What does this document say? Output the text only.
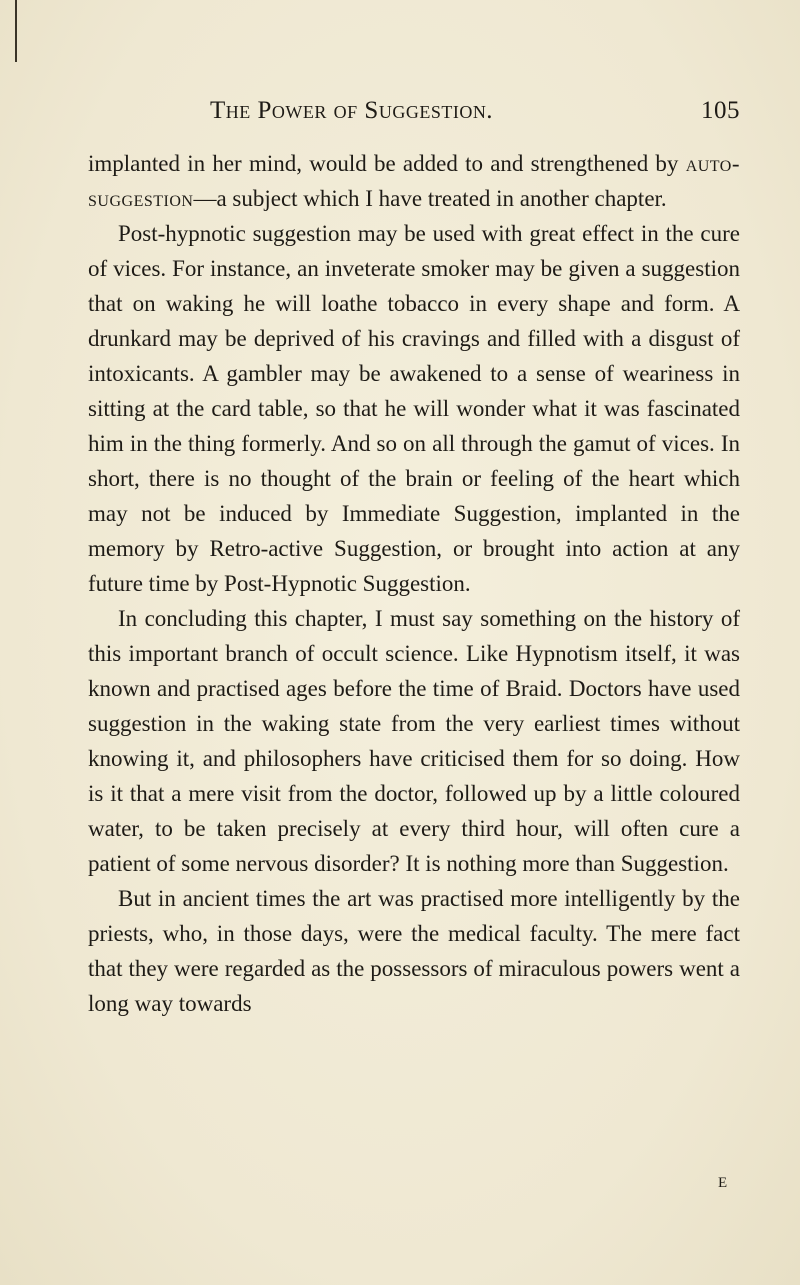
The Power of Suggestion.	105

implanted in her mind, would be added to and strengthened by auto-suggestion—a subject which I have treated in another chapter.

Post-hypnotic suggestion may be used with great effect in the cure of vices. For instance, an inveterate smoker may be given a suggestion that on waking he will loathe tobacco in every shape and form. A drunkard may be deprived of his cravings and filled with a disgust of intoxicants. A gambler may be awakened to a sense of weariness in sitting at the card table, so that he will wonder what it was fascinated him in the thing formerly. And so on all through the gamut of vices. In short, there is no thought of the brain or feeling of the heart which may not be induced by Immediate Suggestion, implanted in the memory by Retro-active Suggestion, or brought into action at any future time by Post-Hypnotic Suggestion.

In concluding this chapter, I must say something on the history of this important branch of occult science. Like Hypnotism itself, it was known and practised ages before the time of Braid. Doctors have used suggestion in the waking state from the very earliest times without knowing it, and philosophers have criticised them for so doing. How is it that a mere visit from the doctor, followed up by a little coloured water, to be taken precisely at every third hour, will often cure a patient of some nervous disorder? It is nothing more than Suggestion.

But in ancient times the art was practised more intelligently by the priests, who, in those days, were the medical faculty. The mere fact that they were regarded as the possessors of miraculous powers went a long way towards

E
